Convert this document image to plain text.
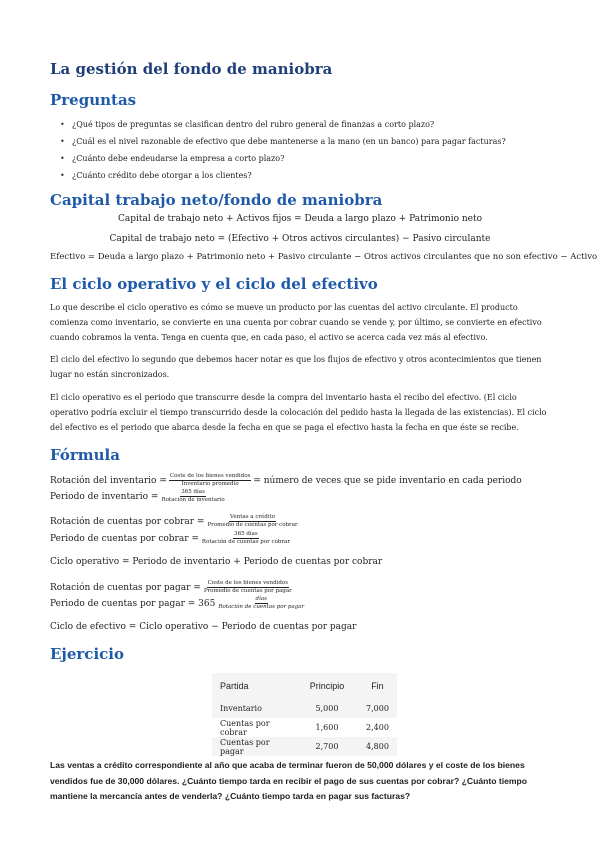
La gestión del fondo de maniobra
Preguntas
• ¿Qué tipos de preguntas se clasifican dentro del rubro general de finanzas a corto plazo?
• ¿Cuál es el nivel razonable de efectivo que debe mantenerse a la mano (en un banco) para pagar facturas?
• ¿Cuánto debe endeudarse la empresa a corto plazo?
• ¿Cuánto crédito debe otorgar a los clientes?
Capital trabajo neto/fondo de maniobra
Capital de trabajo neto + Activos fijos = Deuda a largo plazo + Patrimonio neto
Capital de trabajo neto = (Efectivo + Otros activos circulantes) − Pasivo circulante
Efectivo = Deuda a largo plazo + Patrimonio neto + Pasivo circulante − Otros activos circulantes que no son efectivo − Activo
El ciclo operativo y el ciclo del efectivo
Lo que describe el ciclo operativo es cómo se mueve un producto por las cuentas del activo circulante. El producto comienza como inventario, se convierte en una cuenta por cobrar cuando se vende y, por último, se convierte en efectivo cuando cobramos la venta. Tenga en cuenta que, en cada paso, el activo se acerca cada vez más al efectivo.
El ciclo del efectivo lo segundo que debemos hacer notar es que los flujos de efectivo y otros acontecimientos que tienen lugar no están sincronizados.
El ciclo operativo es el periodo que transcurre desde la compra del inventario hasta el recibo del efectivo. (El ciclo operativo podría excluir el tiempo transcurrido desde la colocación del pedido hasta la llegada de las existencias). El ciclo del efectivo es el periodo que abarca desde la fecha en que se paga el efectivo hasta la fecha en que éste se recibe.
Fórmula
Rotación del inventario = $\frac{\text{Coste de los bienes vendidos}}{\text{Inventario promedio}}$ = número de veces que se pide inventario en cada periodo
Periodo de inventario = $\frac{\text{365 días}}{\text{Rotación de inventario}}$
Rotación de cuentas por cobrar = $\frac{\text{Ventas a crédito}}{\text{Promedio de cuentas por cobrar}}$
Periodo de cuentas por cobrar = $\frac{\text{365 días}}{\text{Rotación de cuentas por cobrar}}$
Ciclo operativo = Periodo de inventario + Periodo de cuentas por cobrar
Rotación de cuentas por pagar = $\frac{\text{Coste de los bienes vendidos}}{\text{Promedio de cuentas por pagar}}$
Periodo de cuentas por pagar = $365 \frac{\text{días}}{\text{Rotación de cuentas por pagar}}$
Ciclo de efectivo = Ciclo operativo − Periodo de cuentas por pagar
Ejercicio
Partida	Principio	Fin
Inventario	5,000	7,000
Cuentas por cobrar	1,600	2,400
Cuentas por pagar	2,700	4,800
Las ventas a crédito correspondiente al año que acaba de terminar fueron de 50,000 dólares y el coste de los bienes vendidos fue de 30,000 dólares. ¿Cuánto tiempo tarda en recibir el pago de sus cuentas por cobrar? ¿Cuánto tiempo mantiene la mercancía antes de venderla? ¿Cuánto tiempo tarda en pagar sus facturas?
